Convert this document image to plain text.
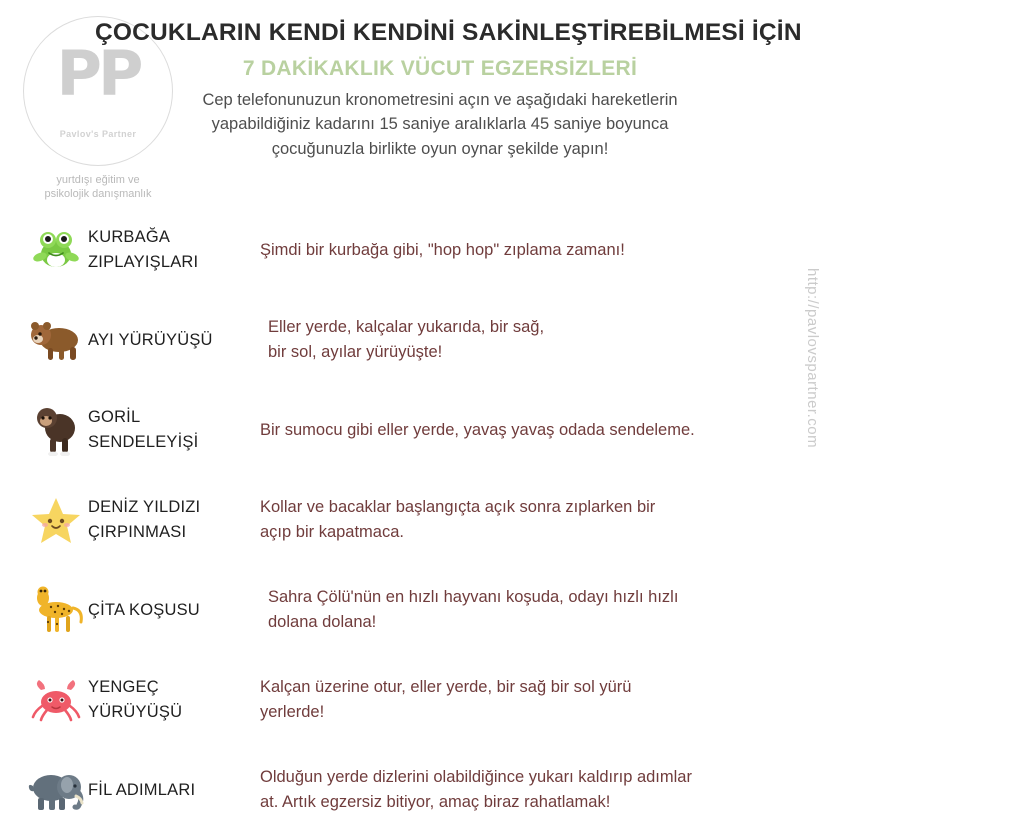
PP
Pavlov's Partner
yurtdışı eğitim ve
psikolojik danışmanlık
ÇOCUKLARIN KENDİ KENDİNİ SAKİNLEŞTİREBİLMESİ İÇİN
7 DAKİKAKLIK VÜCUT EGZERSİZLERİ
Cep telefonunuzun kronometresini açın ve aşağıdaki hareketlerin
yapabildiğiniz kadarını 15 saniye aralıklarla 45 saniye boyunca
çocuğunuzla birlikte oyun oynar şekilde yapın!
http://pavlovspartner.com
KURBAĞA
ZIPLAYIŞLARI
Şimdi bir kurbağa gibi, "hop hop" zıplama zamanı!
AYI YÜRÜYÜŞÜ
Eller yerde, kalçalar yukarıda, bir sağ,
bir sol, ayılar yürüyüşte!
GORİL
SENDELEYİŞİ
Bir sumocu gibi eller yerde, yavaş yavaş odada sendeleme.
DENİZ YILDIZI
ÇIRPINMASI
Kollar ve bacaklar başlangıçta açık sonra zıplarken bir
açıp bir kapatmaca.
ÇİTA KOŞUSU
Sahra Çölü'nün en hızlı hayvanı koşuda, odayı hızlı hızlı
dolana dolana!
YENGEÇ
YÜRÜYÜŞÜ
Kalçan üzerine otur, eller yerde, bir sağ bir sol yürü
yerlerde!
FİL ADIMLARI
Olduğun yerde dizlerini olabildiğince yukarı kaldırıp adımlar
at. Artık egzersiz bitiyor, amaç biraz rahatlamak!
